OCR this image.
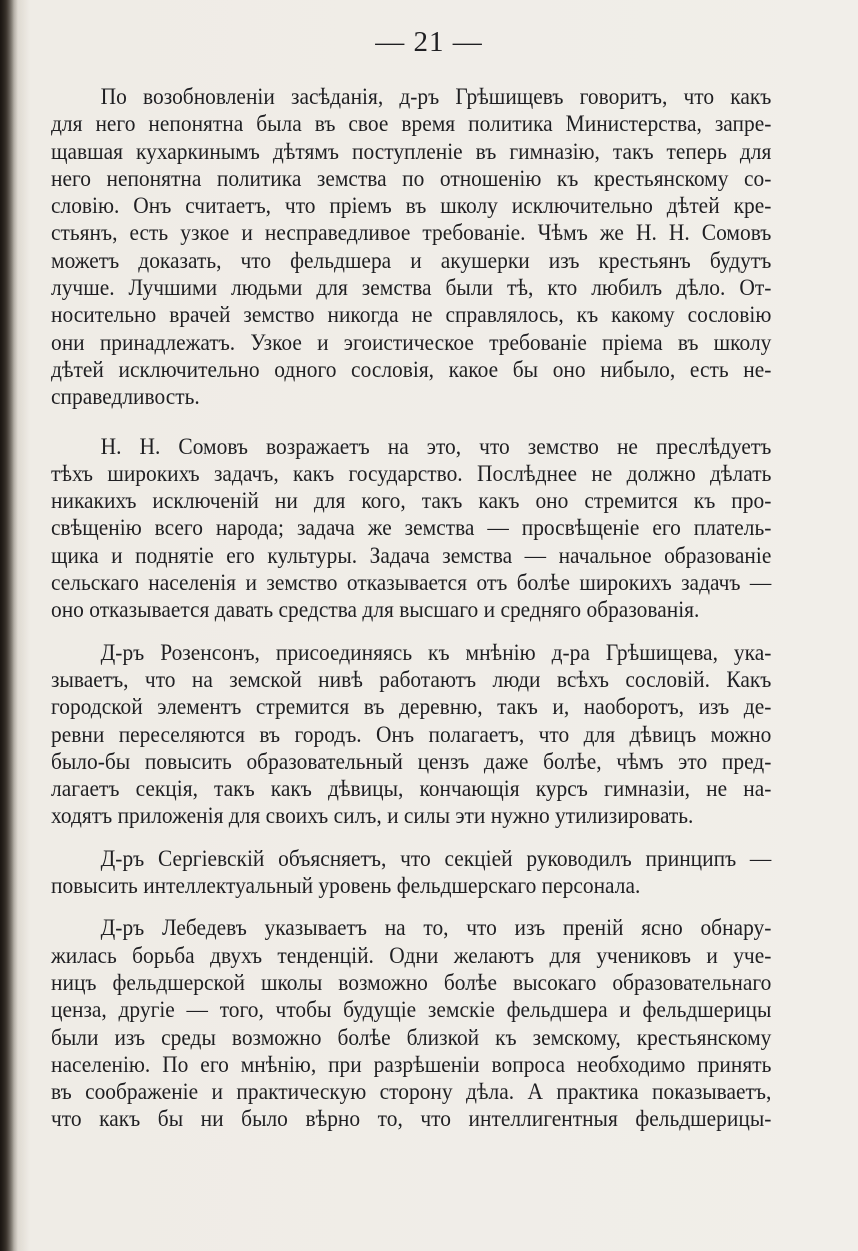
— 21 —
По возобновленіи засѣданія, д-ръ Грѣшищевъ говоритъ, что какъ
для него непонятна была въ свое время политика Министерства, запре-
щавшая кухаркинымъ дѣтямъ поступленіе въ гимназію, такъ теперь для
него непонятна политика земства по отношенію къ крестьянскому со-
словію. Онъ считаетъ, что пріемъ въ школу исключительно дѣтей кре-
стьянъ, есть узкое и несправедливое требованіе. Чѣмъ же Н. Н. Сомовъ
можетъ доказать, что фельдшера и акушерки изъ крестьянъ будутъ
лучше. Лучшими людьми для земства были тѣ, кто любилъ дѣло. От-
носительно врачей земство никогда не справлялось, къ какому сословію
они принадлежатъ. Узкое и эгоистическое требованіе пріема въ школу
дѣтей исключительно одного сословія, какое бы оно нибыло, есть не-
справедливость.
Н. Н. Сомовъ возражаетъ на это, что земство не преслѣдуетъ
тѣхъ широкихъ задачъ, какъ государство. Послѣднее не должно дѣлать
никакихъ исключеній ни для кого, такъ какъ оно стремится къ про-
свѣщенію всего народа; задача же земства — просвѣщеніе его платель-
щика и поднятіе его культуры. Задача земства — начальное образованіе
сельскаго населенія и земство отказывается отъ болѣе широкихъ задачъ —
оно отказывается давать средства для высшаго и средняго образованія.
Д-ръ Розенсонъ, присоединяясь къ мнѣнію д-ра Грѣшищева, ука-
зываетъ, что на земской нивѣ работаютъ люди всѣхъ сословій. Какъ
городской элементъ стремится въ деревню, такъ и, наоборотъ, изъ де-
ревни переселяются въ городъ. Онъ полагаетъ, что для дѣвицъ можно
было-бы повысить образовательный цензъ даже болѣе, чѣмъ это пред-
лагаетъ секція, такъ какъ дѣвицы, кончающія курсъ гимназіи, не на-
ходятъ приложенія для своихъ силъ, и силы эти нужно утилизировать.
Д-ръ Сергіевскій объясняетъ, что секціей руководилъ принципъ —
повысить интеллектуальный уровень фельдшерскаго персонала.
Д-ръ Лебедевъ указываетъ на то, что изъ преній ясно обнару-
жилась борьба двухъ тенденцій. Одни желаютъ для учениковъ и уче-
ницъ фельдшерской школы возможно болѣе высокаго образовательнаго
ценза, другіе — того, чтобы будущіе земскіе фельдшера и фельдшерицы
были изъ среды возможно болѣе близкой къ земскому, крестьянскому
населенію. По его мнѣнію, при разрѣшеніи вопроса необходимо принять
въ соображеніе и практическую сторону дѣла. А практика показываетъ,
что какъ бы ни было вѣрно то, что интеллигентныя фельдшерицы-
